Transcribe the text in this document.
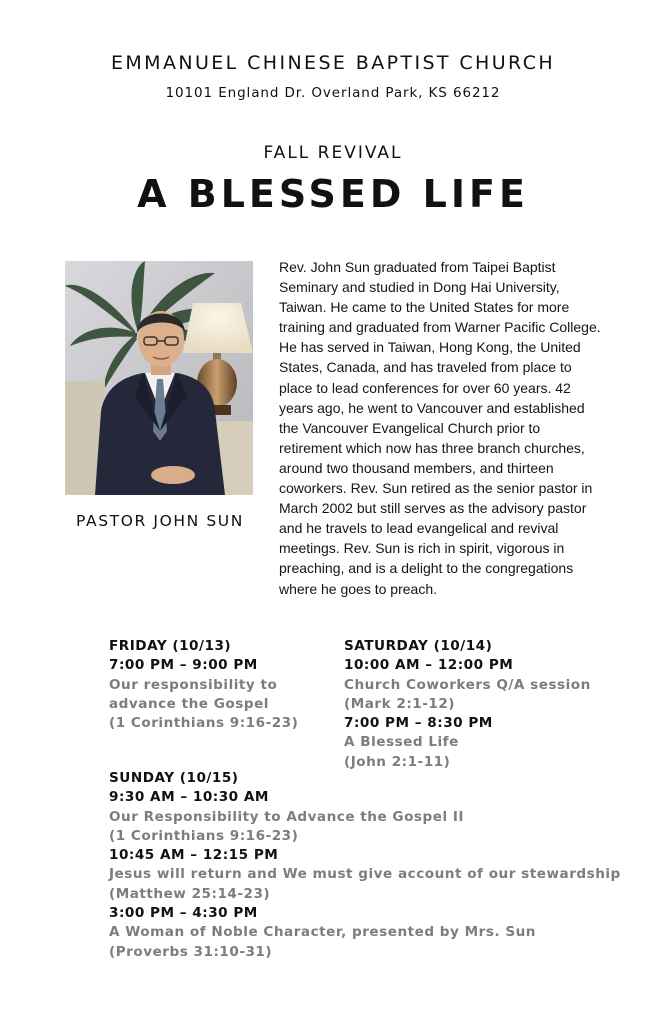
EMMANUEL CHINESE BAPTIST CHURCH
10101 England Dr. Overland Park, KS 66212
FALL REVIVAL
A BLESSED LIFE
PASTOR JOHN SUN
Rev. John Sun graduated from Taipei Baptist Seminary and studied in Dong Hai University, Taiwan. He came to the United States for more training and graduated from Warner Pacific College. He has served in Taiwan, Hong Kong, the United States, Canada, and has traveled from place to place to lead conferences for over 60 years. 42 years ago, he went to Vancouver and established the Vancouver Evangelical Church prior to retirement which now has three branch churches, around two thousand members, and thirteen coworkers. Rev. Sun retired as the senior pastor in March 2002 but still serves as the advisory pastor and he travels to lead evangelical and revival meetings. Rev. Sun is rich in spirit, vigorous in preaching, and is a delight to the congregations where he goes to preach.
FRIDAY (10/13)
7:00 PM – 9:00 PM
Our responsibility to
advance the Gospel
(1 Corinthians 9:16-23)
SATURDAY (10/14)
10:00 AM – 12:00 PM
Church Coworkers Q/A session
(Mark 2:1-12)
7:00 PM – 8:30 PM
A Blessed Life
(John 2:1-11)
SUNDAY (10/15)
9:30 AM – 10:30 AM
Our Responsibility to Advance the Gospel II
(1 Corinthians 9:16-23)
10:45 AM – 12:15 PM
Jesus will return and We must give account of our stewardship
(Matthew 25:14-23)
3:00 PM – 4:30 PM
A Woman of Noble Character, presented by Mrs. Sun
(Proverbs 31:10-31)
